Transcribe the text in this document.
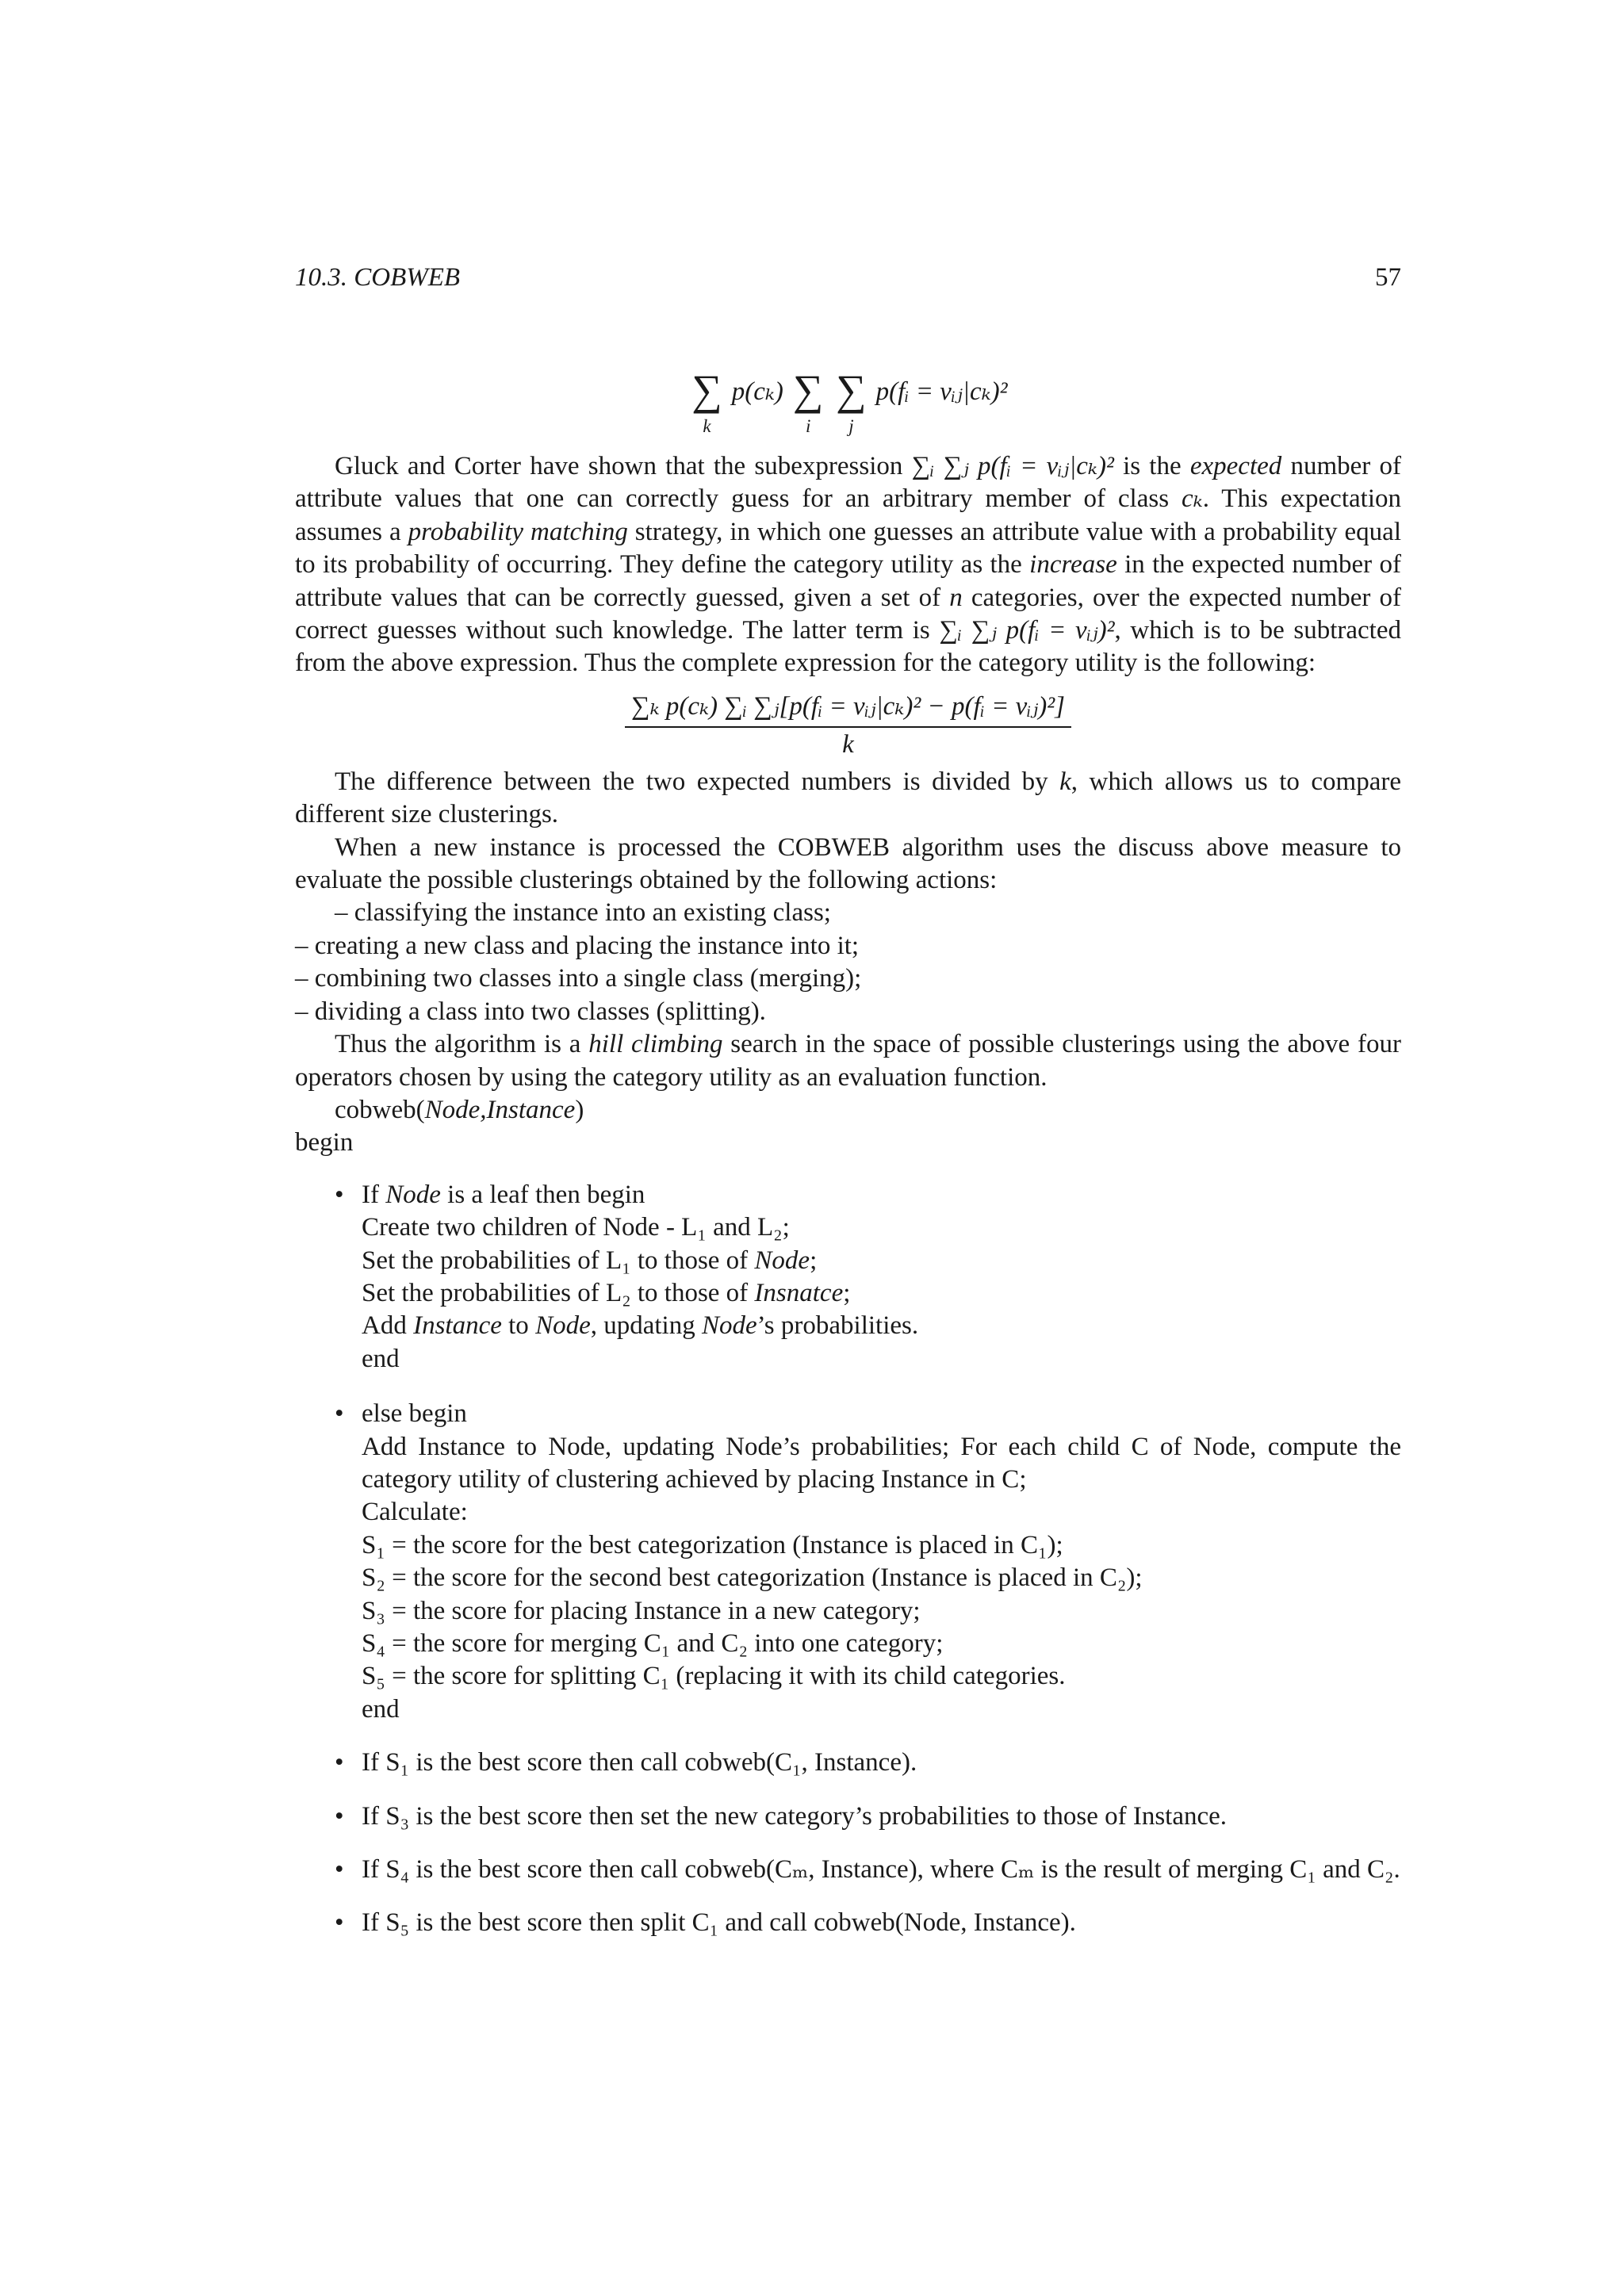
10.3. COBWEB	57
∑
k
p(cₖ) ∑
i

∑
j
p(fᵢ = vᵢⱼ|cₖ)²

Gluck and Corter have shown that the subexpression ∑ᵢ ∑ⱼ p(fᵢ = vᵢⱼ|cₖ)² is the expected number of attribute values that one can correctly guess for an arbitrary member of class cₖ. This expectation assumes a probability matching strategy, in which one guesses an attribute value with a probability equal to its probability of occurring. They define the category utility as the increase in the expected number of attribute values that can be correctly guessed, given a set of n categories, over the expected number of correct guesses without such knowledge. The latter term is ∑ᵢ ∑ⱼ p(fᵢ = vᵢⱼ)², which is to be subtracted from the above expression. Thus the complete expression for the category utility is the following:

$\frac{\text{∑ₖ p(cₖ) ∑ᵢ ∑ⱼ[p(fᵢ = vᵢⱼ|cₖ)² − p(fᵢ = vᵢⱼ)²]}}{k}$

The difference between the two expected numbers is divided by k, which allows us to compare different size clusterings.

When a new instance is processed the COBWEB algorithm uses the discuss above measure to evaluate the possible clusterings obtained by the following actions:

– classifying the instance into an existing class;

– creating a new class and placing the instance into it;

– combining two classes into a single class (merging);

– dividing a class into two classes (splitting).

Thus the algorithm is a hill climbing search in the space of possible clusterings using the above four operators chosen by using the category utility as an evaluation function.

cobweb(Node,Instance)

begin

• If Node is a leaf then begin
Create two children of Node - L₁ and L₂;
Set the probabilities of L₁ to those of Node;
Set the probabilities of L₂ to those of Insnatce;
Add Instance to Node, updating Node’s probabilities.
end
• else begin
Add Instance to Node, updating Node’s probabilities; For each child C of Node, compute the category utility of clustering achieved by placing Instance in C;
Calculate:
S₁ = the score for the best categorization (Instance is placed in C₁);
S₂ = the score for the second best categorization (Instance is placed in C₂);
S₃ = the score for placing Instance in a new category;
S₄ = the score for merging C₁ and C₂ into one category;
S₅ = the score for splitting C₁ (replacing it with its child categories.
end
• If S₁ is the best score then call cobweb(C₁, Instance).
• If S₃ is the best score then set the new category’s probabilities to those of Instance.
• If S₄ is the best score then call cobweb(Cₘ, Instance), where Cₘ is the result of merging C₁ and C₂.
• If S₅ is the best score then split C₁ and call cobweb(Node, Instance).
